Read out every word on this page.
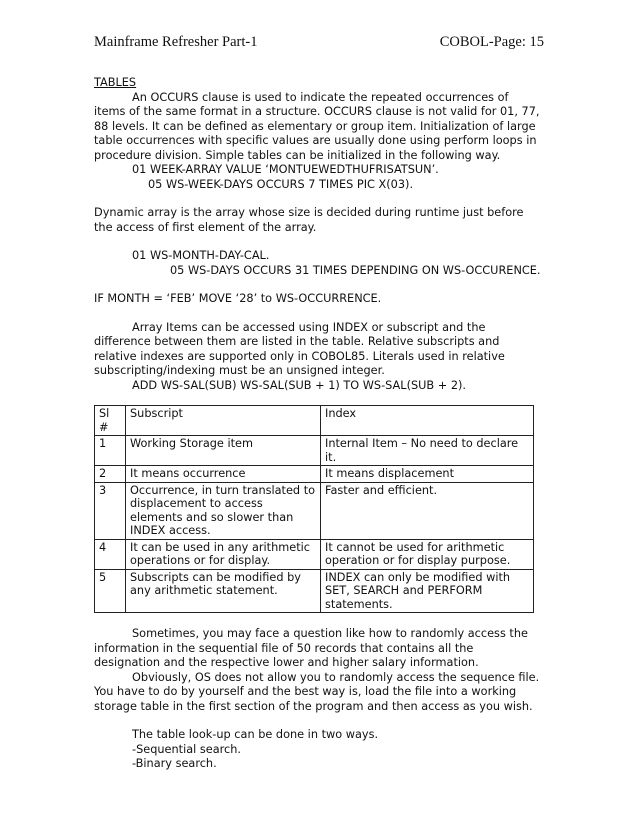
Mainframe Refresher Part-1	COBOL-Page: 15

TABLES

An OCCURS clause is used to indicate the repeated occurrences of items of the same format in a structure. OCCURS clause is not valid for 01, 77, 88 levels. It can be defined as elementary or group item. Initialization of large table occurrences with specific values are usually done using perform loops in procedure division. Simple tables can be initialized in the following way.

01 WEEK-ARRAY VALUE ‘MONTUEWEDTHUFRISATSUN’.

05 WS-WEEK-DAYS OCCURS 7 TIMES PIC X(03).

Dynamic array is the array whose size is decided during runtime just before the access of first element of the array.

01 WS-MONTH-DAY-CAL.

05 WS-DAYS OCCURS 31 TIMES DEPENDING ON WS-OCCURENCE.

IF MONTH = ‘FEB’ MOVE ‘28’ to WS-OCCURRENCE.

Array Items can be accessed using INDEX or subscript and the difference between them are listed in the table. Relative subscripts and relative indexes are supported only in COBOL85. Literals used in relative subscripting/indexing must be an unsigned integer.

ADD WS-SAL(SUB) WS-SAL(SUB + 1) TO WS-SAL(SUB + 2).

Sl #	Subscript	Index
1	Working Storage item	Internal Item – No need to declare it.
2	It means occurrence	It means displacement
3	Occurrence, in turn translated to displacement to access elements and so slower than INDEX access.	Faster and efficient.
4	It can be used in any arithmetic operations or for display.	It cannot be used for arithmetic operation or for display purpose.
5	Subscripts can be modified by any arithmetic statement.	INDEX can only be modified with SET, SEARCH and PERFORM statements.

Sometimes, you may face a question like how to randomly access the information in the sequential file of 50 records that contains all the designation and the respective lower and higher salary information.

Obviously, OS does not allow you to randomly access the sequence file. You have to do by yourself and the best way is, load the file into a working storage table in the first section of the program and then access as you wish.

The table look-up can be done in two ways.

-Sequential search.

-Binary search.
